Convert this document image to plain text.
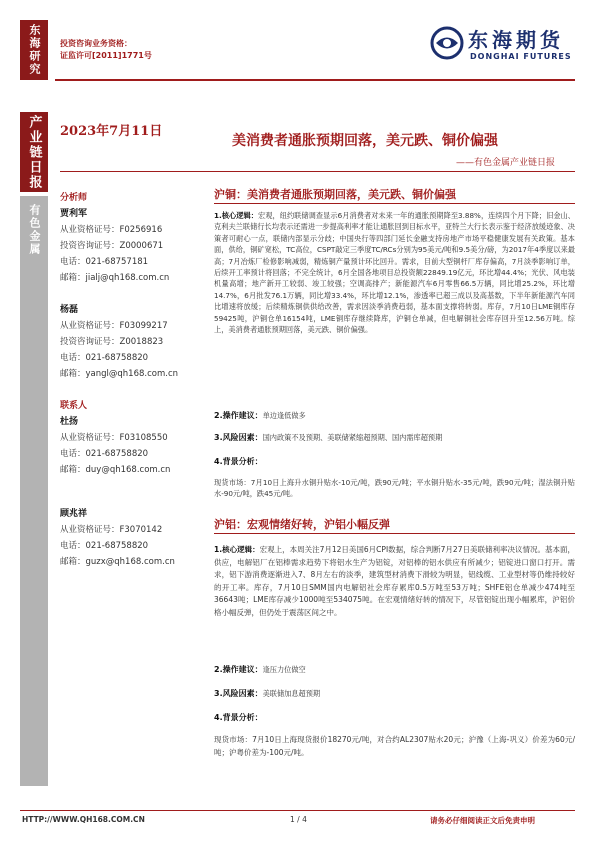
东海研究
产业链日报
有色金属
投资咨询业务资格：
证监许可[2011]1771号
东海期货
DONGHAI FUTURES
2023年7月11日
美消费者通胀预期回落，美元跌、铜价偏强
——有色金属产业链日报
分析师
贾利军
从业资格证号：F0256916
投资咨询证号：Z0000671
电话：021-68757181
邮箱：jialj@qh168.com.cn
杨磊
从业资格证号：F03099217
投资咨询证号：Z0018823
电话：021-68758820
邮箱：yangl@qh168.com.cn
联系人
杜扬
从业资格证号：F03108550
电话：021-68758820
邮箱：duy@qh168.com.cn
顾兆祥
从业资格证号：F3070142
电话：021-68758820
邮箱：guzx@qh168.com.cn
沪铜：美消费者通胀预期回落，美元跌、铜价偏强
1.核心逻辑：宏观，纽约联储调查显示6月消费者对未来一年的通胀预期降至3.88%，连续四个月下降；旧金山、克利夫兰联储行长均表示还需进一步提高利率才能让通胀回到目标水平，亚特兰大行长表示鉴于经济放缓迹象、决策者可耐心一点，联储内部显示分歧；中国央行等四部门延长金融支持房地产市场平稳健康发展有关政策。基本面，供给，铜矿宽松，TC高位，CSPT敲定三季度TC/RCs分别为95美元/吨和9.5美分/磅，为2017年4季度以来最高；7月冶炼厂检修影响减弱，精炼铜产量预计环比回升。需求，目前大型铜杆厂库存偏高，7月淡季影响订单，后续开工率预计将回落；不完全统计，6月全国各地项目总投资额22849.19亿元，环比增44.4%；光伏、风电装机量高增；地产新开工较弱、竣工较强；空调高排产；新能源汽车6月零售66.5万辆，同比增25.2%，环比增14.7%，6月批发76.1万辆，同比增33.4%，环比增12.1%，渗透率已超三成以及高基数，下半年新能源汽车同比增速将放缓；后续精炼铜供供给改善，需求因淡季消费趋弱，基本面支撑将转弱。库存，7月10日LME铜库存59425吨，沪铜仓单16154吨，LME铜库存继续降库，沪铜仓单减，但电解铜社会库存回升至12.56万吨。综上，美消费者通胀预期回落，美元跌、铜价偏强。
2.操作建议：单边逢低做多
3.风险因素：国内政策不及预期、美联储紧缩超预期、国内需库超预期
4.背景分析：
现货市场：7月10日上海升水铜升贴水-10元/吨，跌90元/吨；平水铜升贴水-35元/吨，跌90元/吨；湿法铜升贴水-90元/吨，跌45元/吨。
沪铝：宏观情绪好转，沪铝小幅反弹
1.核心逻辑：宏观上，本周关注7月12日美国6月CPI数据，综合判断7月27日美联储利率决议情况。基本面，供应，电解铝厂在铝棒需求趋势下将铝水生产为铝锭，对铝棒的铝水供应有所减少；铝锭进口窗口打开。需求，铝下游消费逐渐进入7、8月左右的淡季，建筑型材消费下滑较为明显，铝线缆、工业型材等仍维持较好的开工率。库存，7月10日SMM国内电解铝社会库存累库0.5万吨至53万吨；SHFE铝仓单减少474吨至36643吨；LME库存减少1000吨至534075吨。在宏观情绪好转的情况下，尽管铝锭出现小幅累库，沪铝价格小幅反弹，但仍处于震荡区间之中。
2.操作建议：逢压力位做空
3.风险因素：美联储加息超预期
4.背景分析：
现货市场：7月10日上海现货报价18270元/吨，对合约AL2307贴水20元；沪豫（上海-巩义）价差为60元/吨；沪粤价差为-100元/吨。
HTTP://WWW.QH168.COM.CN	1 / 4	请务必仔细阅读正文后免责申明
